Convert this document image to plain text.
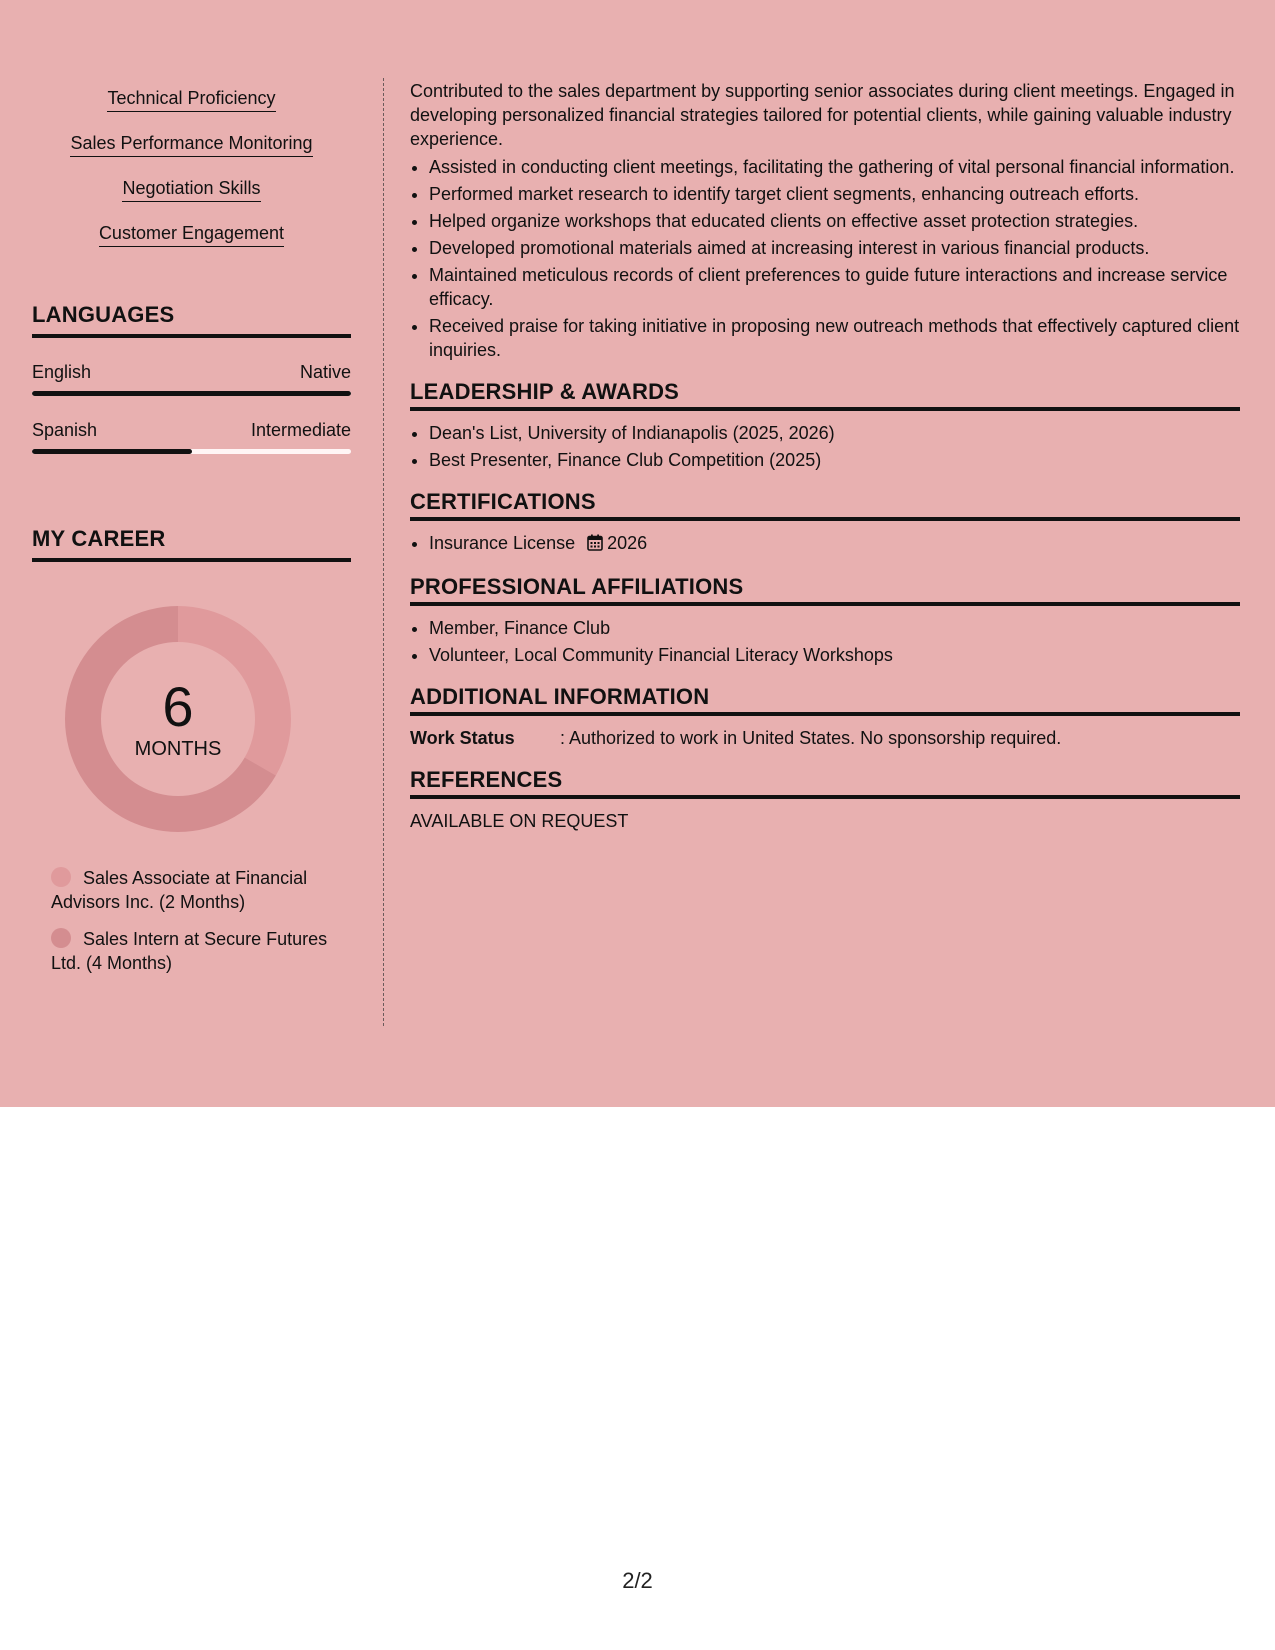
Technical Proficiency
Sales Performance Monitoring
Negotiation Skills
Customer Engagement
LANGUAGES
English	Native
Spanish	Intermediate
MY CAREER
6
MONTHS
Sales Associate at Financial Advisors Inc. (2 Months)
Sales Intern at Secure Futures Ltd. (4 Months)

Contributed to the sales department by supporting senior associates during client meetings. Engaged in developing personalized financial strategies tailored for potential clients, while gaining valuable industry experience.

• Assisted in conducting client meetings, facilitating the gathering of vital personal financial information.
• Performed market research to identify target client segments, enhancing outreach efforts.
• Helped organize workshops that educated clients on effective asset protection strategies.
• Developed promotional materials aimed at increasing interest in various financial products.
• Maintained meticulous records of client preferences to guide future interactions and increase service efficacy.
• Received praise for taking initiative in proposing new outreach methods that effectively captured client inquiries.
LEADERSHIP & AWARDS
• Dean's List, University of Indianapolis (2025, 2026)
• Best Presenter, Finance Club Competition (2025)
CERTIFICATIONS
• Insurance License 2026
PROFESSIONAL AFFILIATIONS
• Member, Finance Club
• Volunteer, Local Community Financial Literacy Workshops
ADDITIONAL INFORMATION
Work Status	: Authorized to work in United States. No sponsorship required.
REFERENCES
AVAILABLE ON REQUEST
2/2
